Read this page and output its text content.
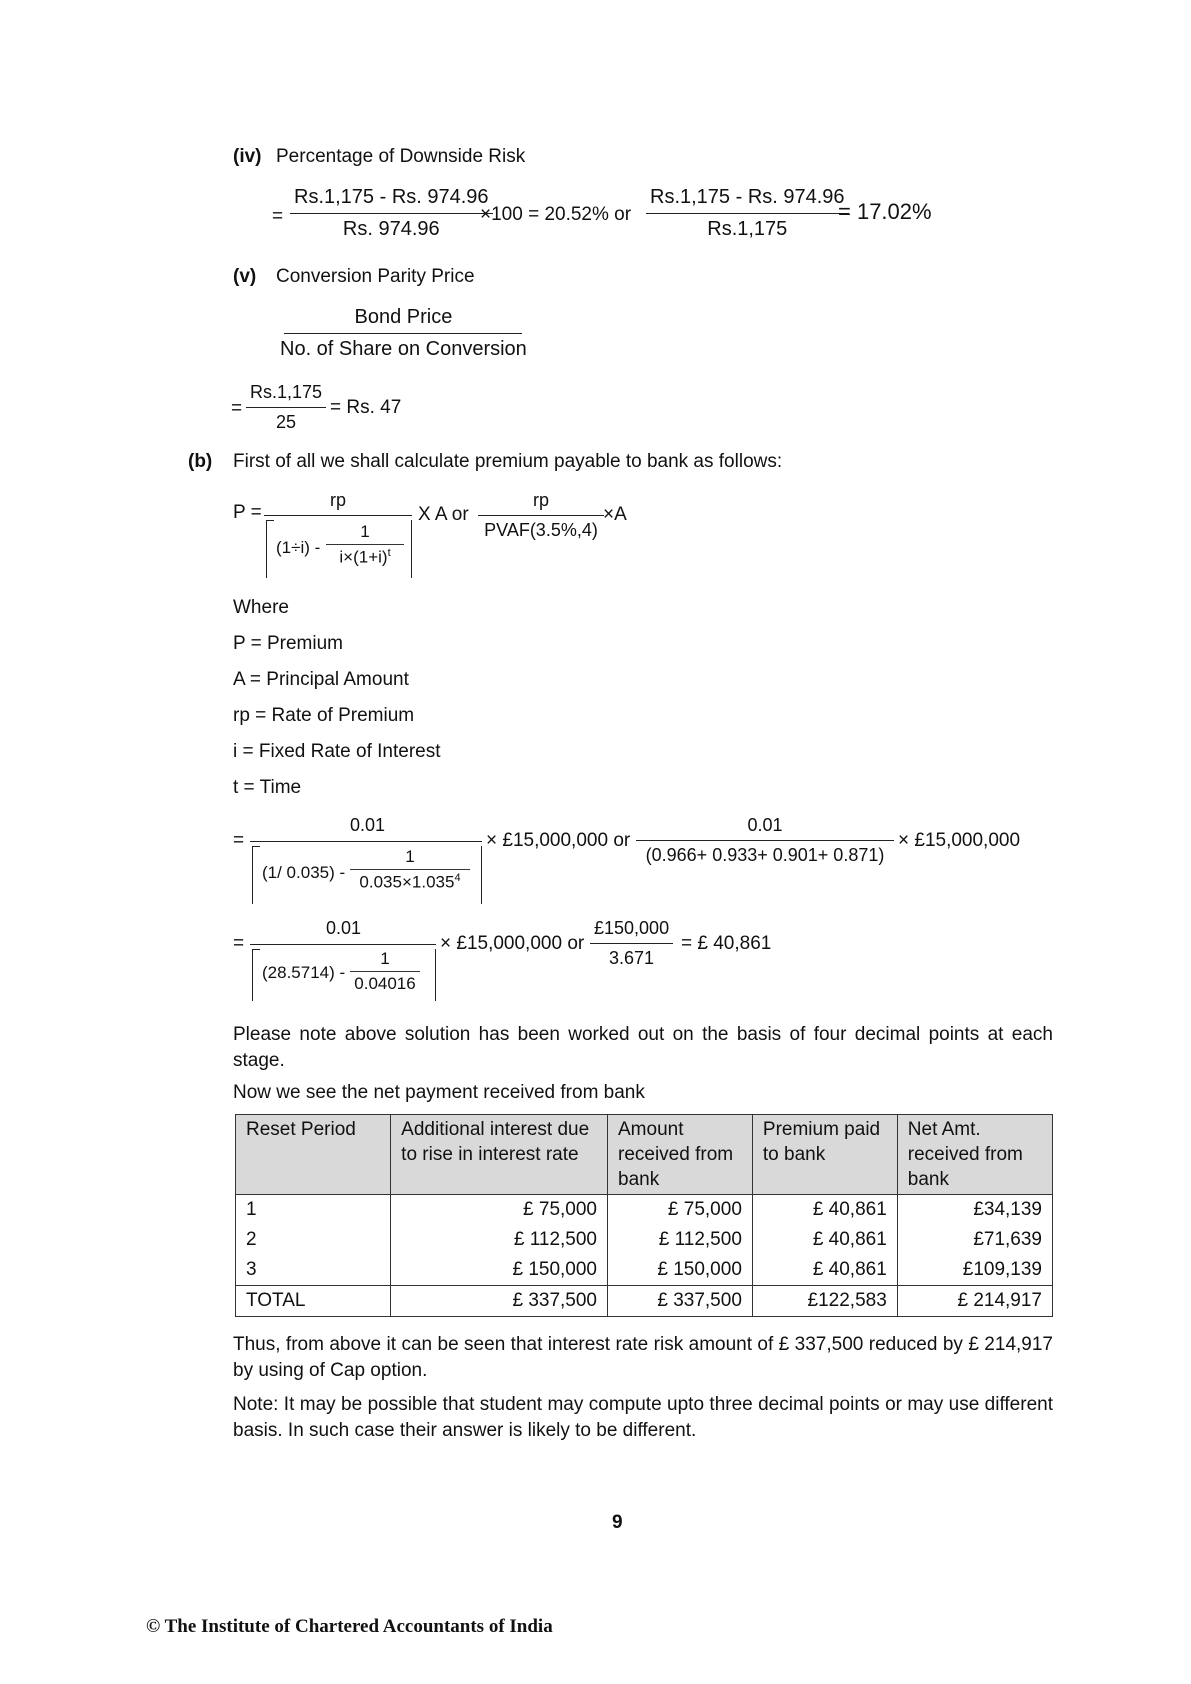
(iv) Percentage of Downside Risk
= $\frac{Rs.1,175 - Rs. 974.96}{Rs. 974.96}$
×100 = 20.52% or $\frac{Rs.1,175 - Rs. 974.96}{Rs.1,175}$
= 17.02%
(v) Conversion Parity Price
Bond Price
No. of Share on Conversion
= $\frac{Rs.1,175}{25} = Rs$. 47
(b) First of all we shall calculate premium payable to bank as follows:
P =
rp
$(1\div i) - \frac{1}{i\times(1+i)^t}$
X A or
rp
PVAF(3.5%,4)
×A
Where
P = Premium
A = Principal Amount
rp = Rate of Premium
i = Fixed Rate of Interest
t = Time
=
0.01
(1/ $0.035) - \frac{1}{0.035\times 1.035^4}$
× £15,000,000 or $\frac{0.01}{(0.966+ 0.933+ 0.901+ 0.871)}$ × £15,000,000
=
0.01
$(28.5714) - \frac{1}{0.04016}$
× £15,000,000 or $\frac{£150,000}{3.671}$ = £ 40,861
Please note above solution has been worked out on the basis of four decimal points at each stage.
Now we see the net payment received from bank
Reset Period	Additional interest due to rise in interest rate	Amount received from bank	Premium paid to bank	Net Amt. received from bank
1	£ 75,000	£ 75,000	£ 40,861	£34,139
2	£ 112,500	£ 112,500	£ 40,861	£71,639
3	£ 150,000	£ 150,000	£ 40,861	£109,139
TOTAL	£ 337,500	£ 337,500	£122,583	£ 214,917
Thus, from above it can be seen that interest rate risk amount of £ 337,500 reduced by £ 214,917 by using of Cap option.
Note: It may be possible that student may compute upto three decimal points or may use different basis. In such case their answer is likely to be different.
9
© The Institute of Chartered Accountants of India
